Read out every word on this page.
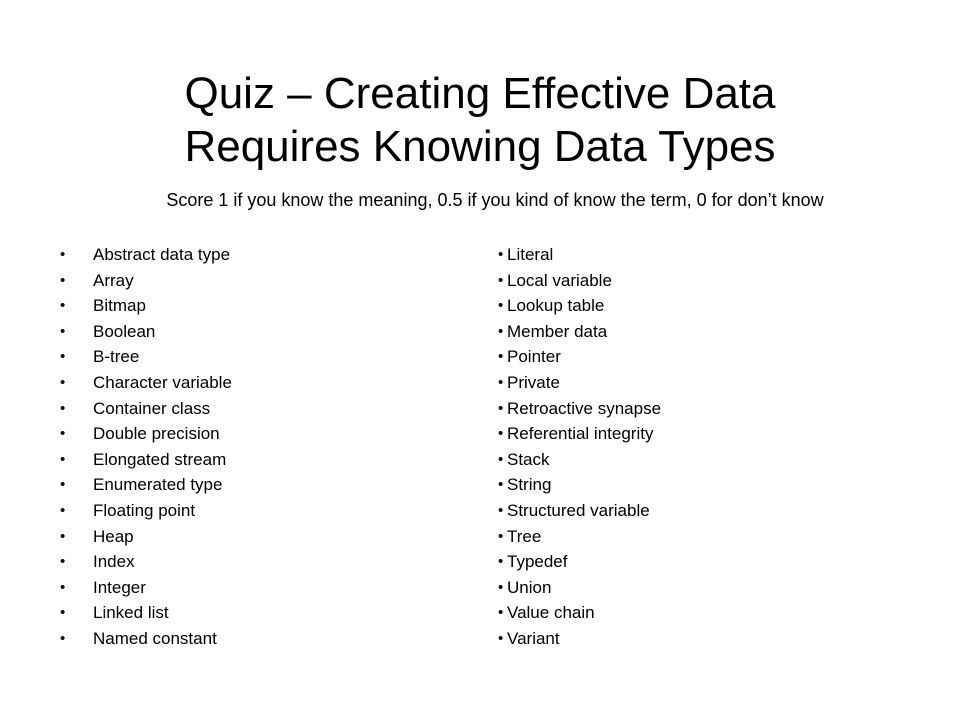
Quiz – Creating Effective Data
Requires Knowing Data Types
Score 1 if you know the meaning, 0.5 if you kind of know the term, 0 for don’t know
• Abstract data type
• Array
• Bitmap
• Boolean
• B-tree
• Character variable
• Container class
• Double precision
• Elongated stream
• Enumerated type
• Floating point
• Heap
• Index
• Integer
• Linked list
• Named constant
• Literal
• Local variable
• Lookup table
• Member data
• Pointer
• Private
• Retroactive synapse
• Referential integrity
• Stack
• String
• Structured variable
• Tree
• Typedef
• Union
• Value chain
• Variant
